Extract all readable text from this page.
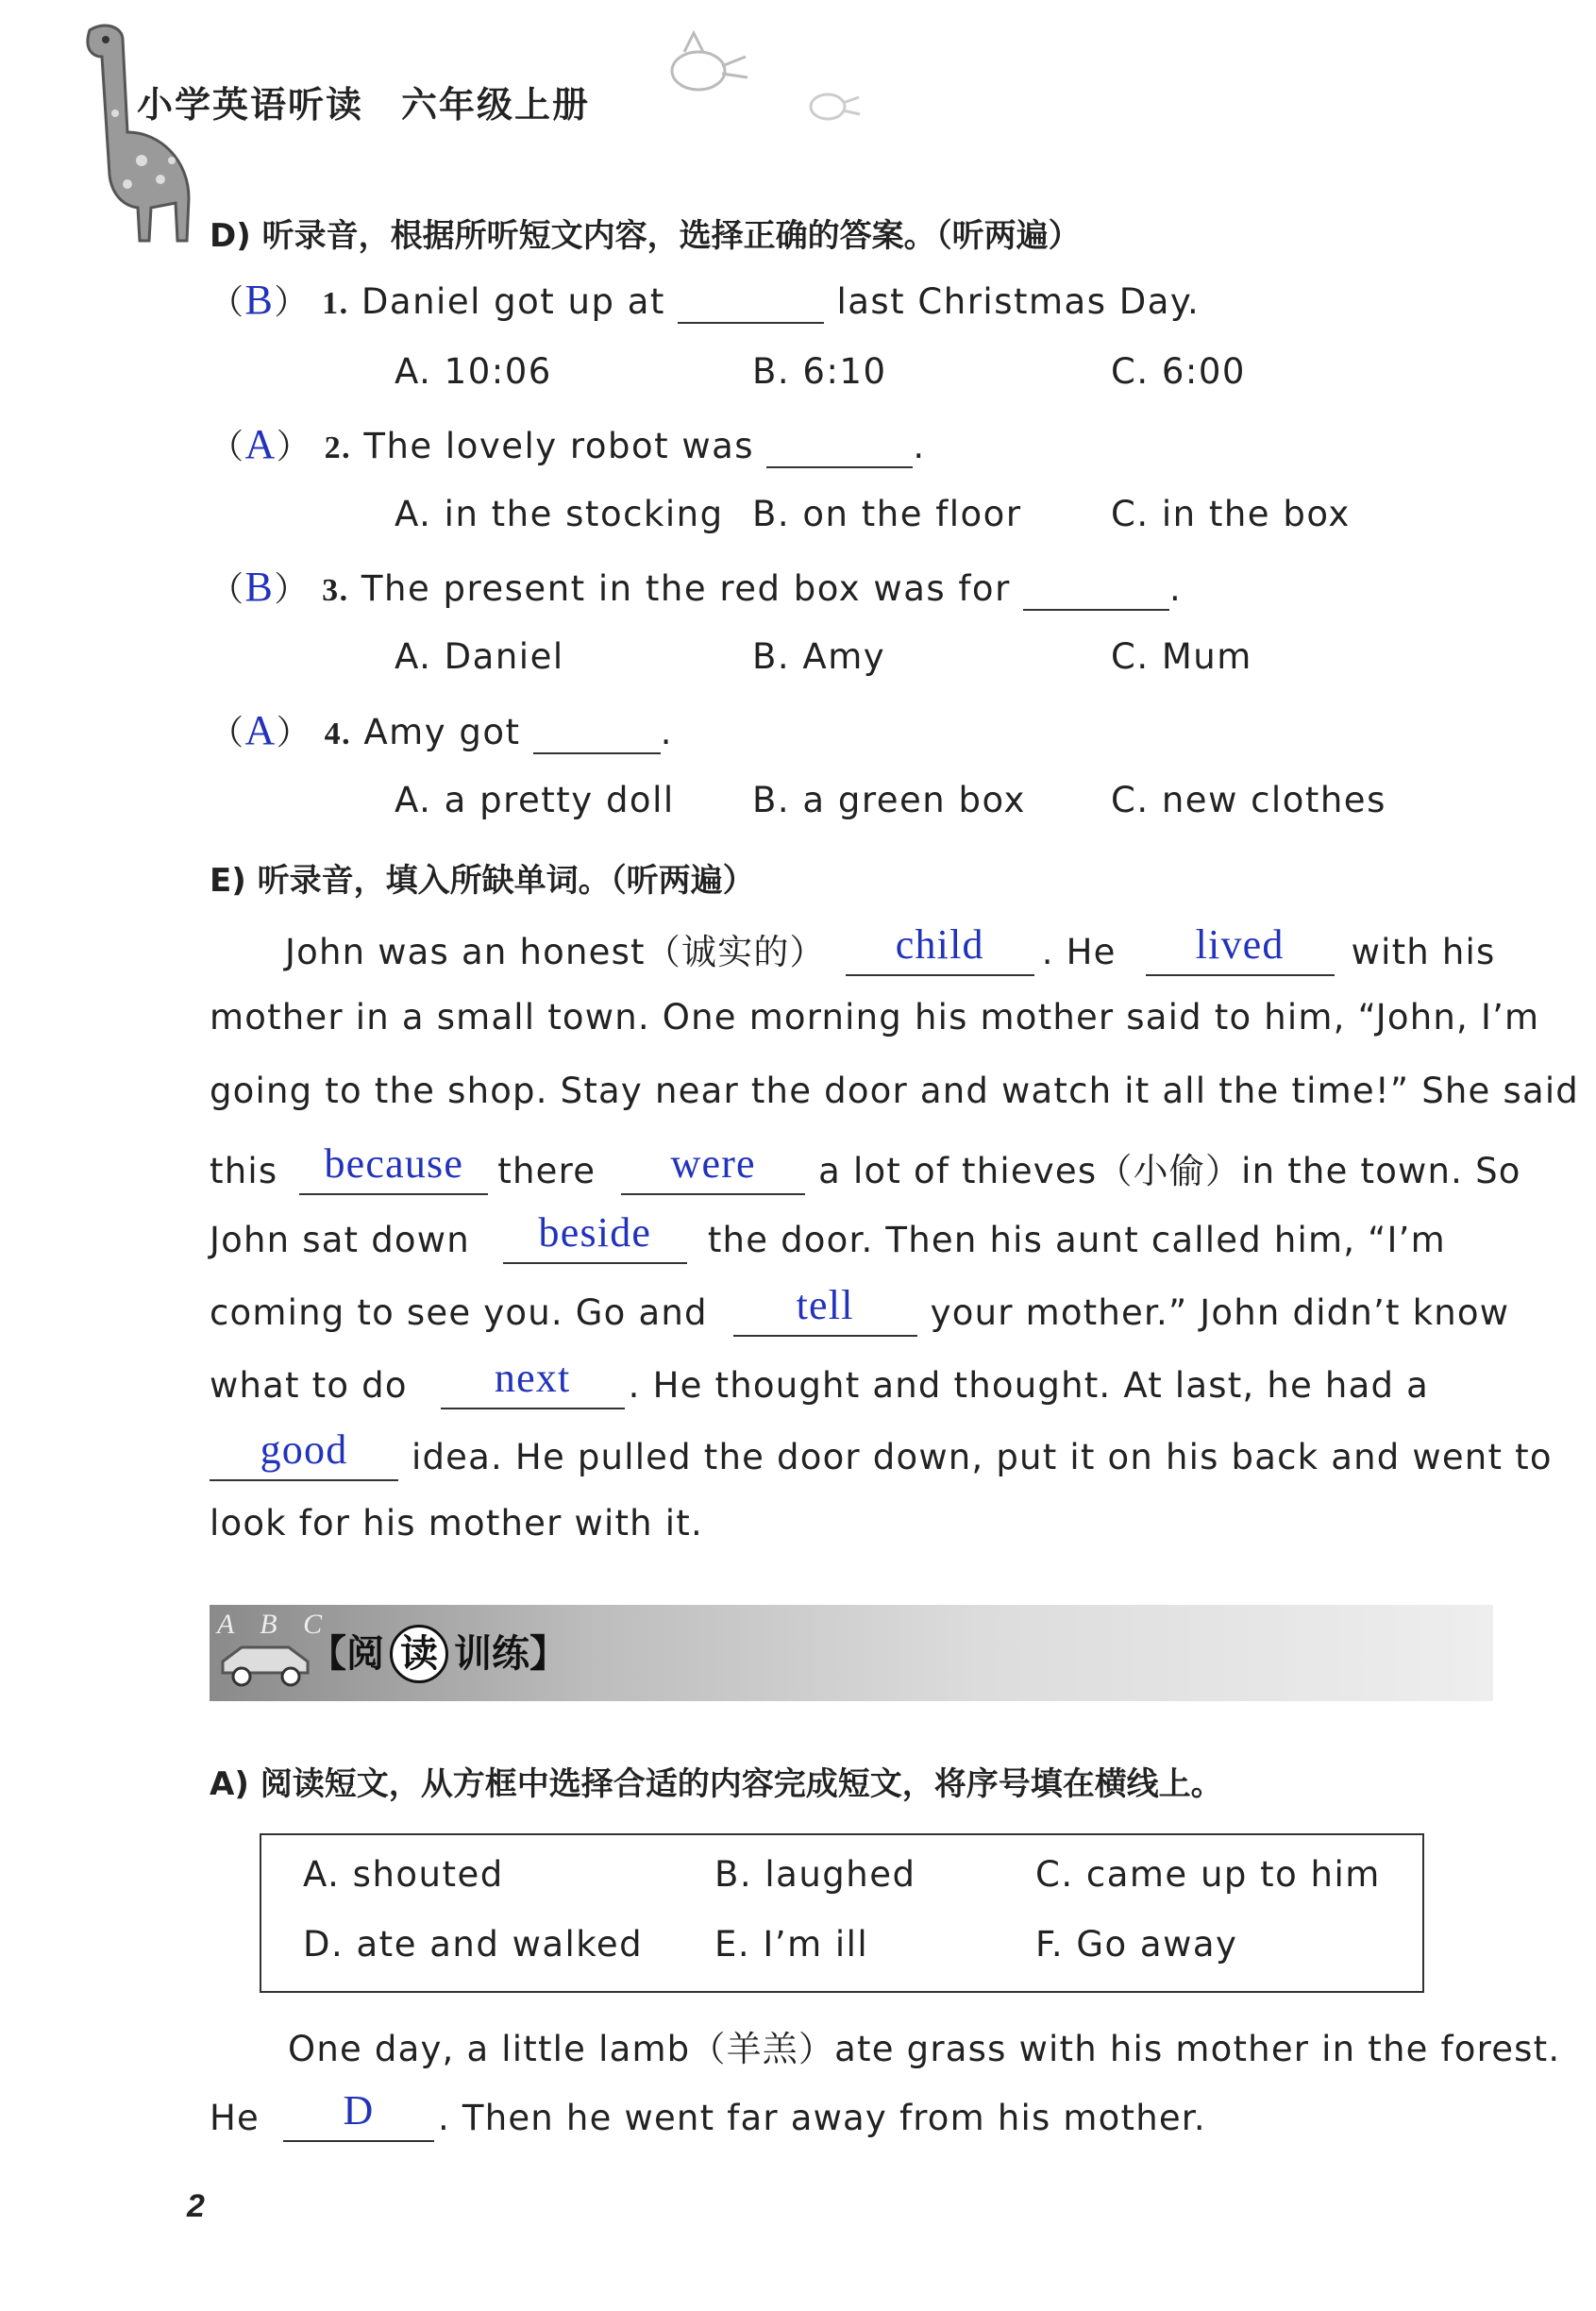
小学英语听读　六年级上册
D) 听录音，根据所听短文内容，选择正确的答案。（听两遍）
（B） 1. Daniel got up at	last Christmas Day.
A. 10:06	B. 6:10	C. 6:00
（A） 2. The lovely robot was	.
A. in the stocking B. on the floor	C. in the box
（B） 3. The present in the red box was for	.
A. Daniel	B. Amy	C. Mum
（A） 4. Amy got	.
A. a pretty doll B. a green box C. new clothes
E) 听录音，填入所缺单词。（听两遍）
John was an honest（诚实的） child . He lived with his
mother in a small town. One morning his mother said to him, “John, I’m
going to the shop. Stay near the door and watch it all the time!” She said
this because there were a lot of thieves（小偷）in the town. So
John sat down beside the door. Then his aunt called him, “I’m
coming to see you. Go and tell your mother.” John didn’t know
what to do next . He thought and thought. At last, he had a
good idea. He pulled the door down, put it on his back and went to
look for his mother with it.
A B C
【阅 读 训练】
A) 阅读短文，从方框中选择合适的内容完成短文，将序号填在横线上。
A. shouted	B. laughed	C. came up to him
D. ate and walked E. I’m ill	F. Go away
One day, a little lamb（羊羔）ate grass with his mother in the forest.
He D . Then he went far away from his mother.
2
